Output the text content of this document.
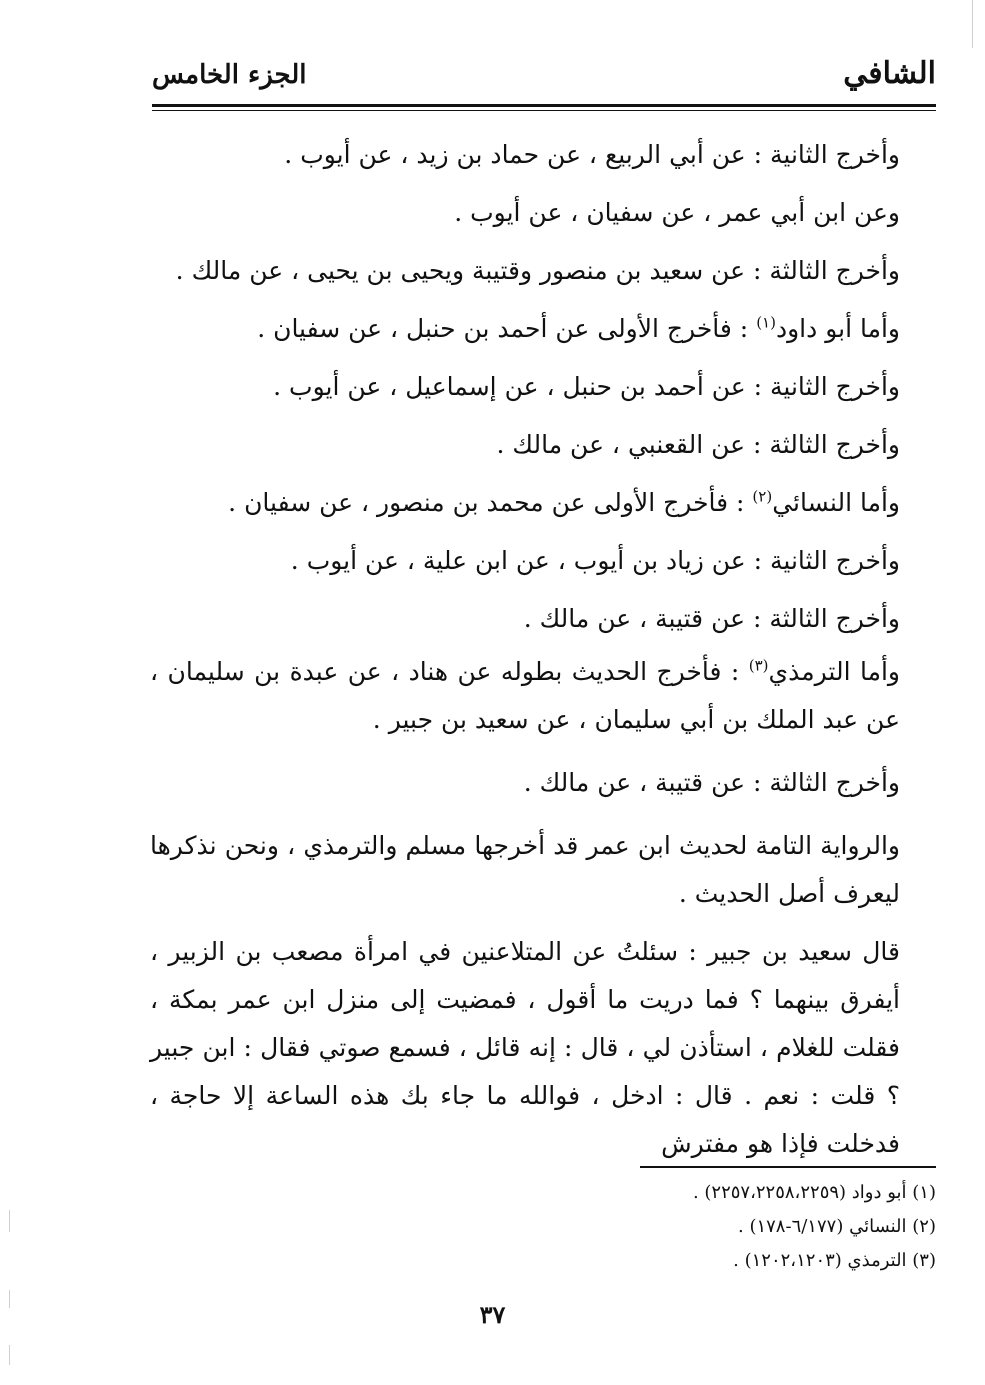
الشافي
الجزء الخامس

وأخرج الثانية : عن أبي الربيع ، عن حماد بن زيد ، عن أيوب .

وعن ابن أبي عمر ، عن سفيان ، عن أيوب .

وأخرج الثالثة : عن سعيد بن منصور وقتيبة ويحيى بن يحيى ، عن مالك .

وأما أبو داود$^{(١)}$ : فأخرج الأولى عن أحمد بن حنبل ، عن سفيان .

وأخرج الثانية : عن أحمد بن حنبل ، عن إسماعيل ، عن أيوب .

وأخرج الثالثة : عن القعنبي ، عن مالك .

وأما النسائي$^{(٢)}$ : فأخرج الأولى عن محمد بن منصور ، عن سفيان .

وأخرج الثانية : عن زياد بن أيوب ، عن ابن علية ، عن أيوب .

وأخرج الثالثة : عن قتيبة ، عن مالك .

وأما الترمذي$^{(٣)}$ : فأخرج الحديث بطوله عن هناد ، عن عبدة بن سليمان ، عن عبد الملك بن أبي سليمان ، عن سعيد بن جبير .

وأخرج الثالثة : عن قتيبة ، عن مالك .

والرواية التامة لحديث ابن عمر قد أخرجها مسلم والترمذي ، ونحن نذكرها ليعرف أصل الحديث .

قال سعيد بن جبير : سئلتُ عن المتلاعنين في امرأة مصعب بن الزبير ، أيفرق بينهما ؟ فما دريت ما أقول ، فمضيت إلى منزل ابن عمر بمكة ، فقلت للغلام ، استأذن لي ، قال : إنه قائل ، فسمع صوتي فقال : ابن جبير ؟ قلت : نعم . قال : ادخل ، فوالله ما جاء بك هذه الساعة إلا حاجة ، فدخلت فإذا هو مفترش

(١) أبو دواد (٢٢٥٧،٢٢٥٨،٢٢٥٩) .

(٢) النسائي (٦/١٧٧-١٧٨) .

(٣) الترمذي (١٢٠٢،١٢٠٣) .

٣٧
